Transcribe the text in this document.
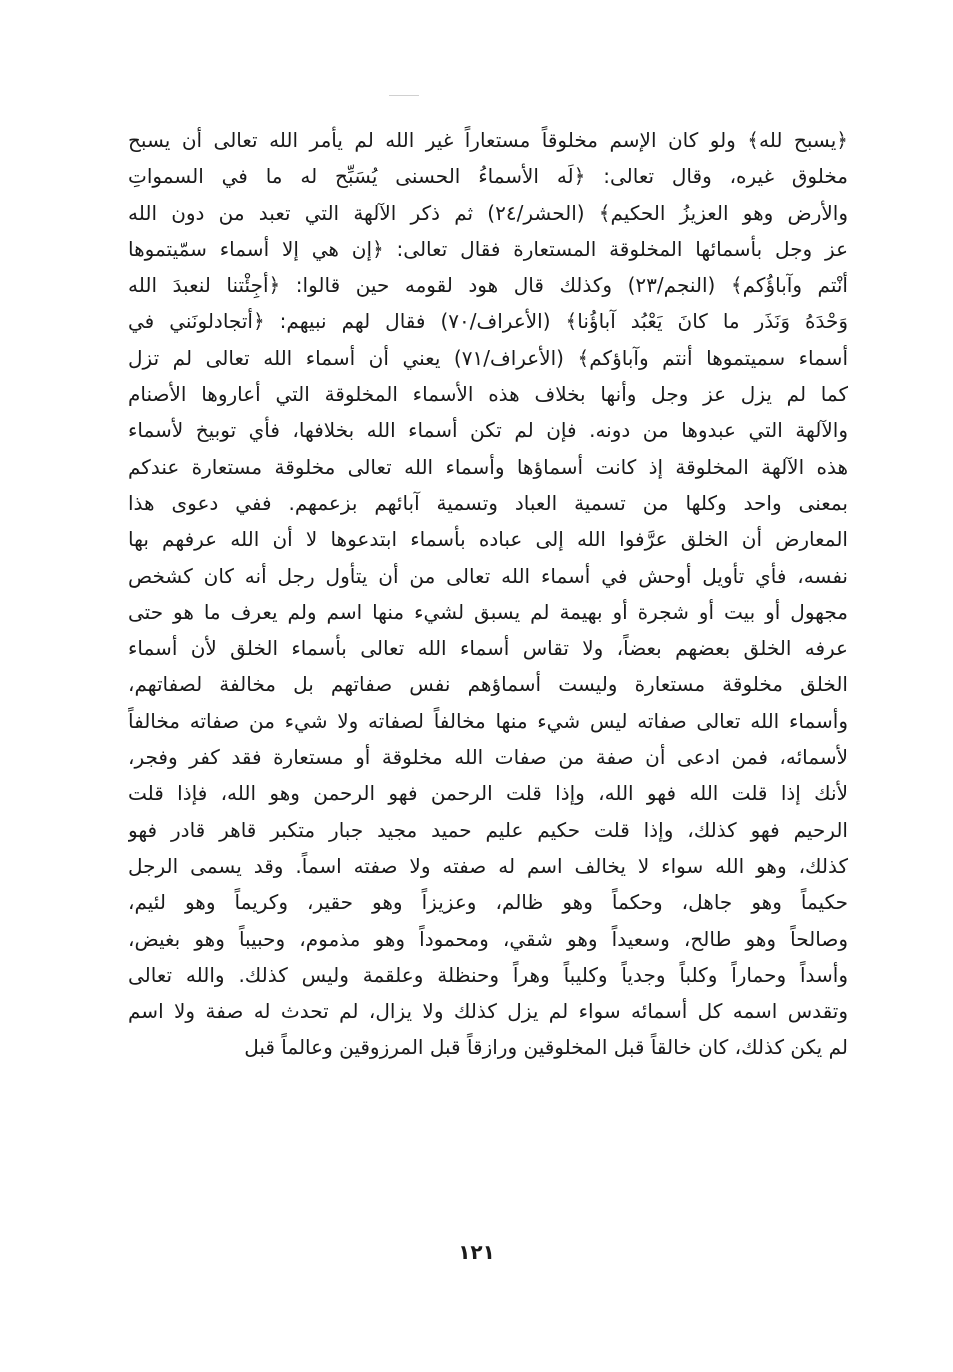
﴿يسبح لله﴾ ولو كان الإسم مخلوقاً مستعاراً غير الله لم يأمر الله تعالى أن يسبح
مخلوق غيره، وقال تعالى: ﴿لَه الأسماءُ الحسنى يُسَبِّح له ما في السمواتِ
والأرض وهو العزيزُ الحكيم﴾ (الحشر/٢٤) ثم ذكر الآلهة التي تعبد من دون الله
عز وجل بأسمائها المخلوقة المستعارة فقال تعالى: ﴿إن هي إلا أسماء سمّيتموها
أنْتم وآباؤُكم﴾ (النجم/٢٣) وكذلك قال هود لقومه حين قالوا: ﴿أجِئْتنا لنعبدَ الله
وَحْدَهُ وَنَذَر ما كانَ يَعْبُد آباؤُنا﴾ (الأعراف/٧٠) فقال لهم نبيهم: ﴿أتجادلونَني في
أسماء سميتموها أنتم وآباؤكم﴾ (الأعراف/٧١) يعني أن أسماء الله تعالى لم تزل
كما لم يزل عز وجل وأنها بخلاف هذه الأسماء المخلوقة التي أعاروها الأصنام
والآلهة التي عبدوها من دونه. فإن لم تكن أسماء الله بخلافها، فأي توبيخ لأسماء
هذه الآلهة المخلوقة إذ كانت أسماؤها وأسماء الله تعالى مخلوقة مستعارة عندكم
بمعنى واحد وكلها من تسمية العباد وتسمية آبائهم بزعمهم. ففي دعوى هذا
المعارض أن الخلق عرَّفوا الله إلى عباده بأسماء ابتدعوها لا أن الله عرفهم بها
نفسه، فأي تأويل أوحش في أسماء الله تعالى من أن يتأول رجل أنه كان كشخص
مجهول أو بيت أو شجرة أو بهيمة لم يسبق لشيء منها اسم ولم يعرف ما هو حتى
عرفه الخلق بعضهم بعضاً، ولا تقاس أسماء الله تعالى بأسماء الخلق لأن أسماء
الخلق مخلوقة مستعارة وليست أسماؤهم نفس صفاتهم بل مخالفة لصفاتهم،
وأسماء الله تعالى صفاته ليس شيء منها مخالفاً لصفاته ولا شيء من صفاته مخالفاً
لأسمائه، فمن ادعى أن صفة من صفات الله مخلوقة أو مستعارة فقد كفر وفجر،
لأنك إذا قلت الله فهو الله، وإذا قلت الرحمن فهو الرحمن وهو الله، فإذا قلت
الرحيم فهو كذلك، وإذا قلت حكيم عليم حميد مجيد جبار متكبر قاهر قادر فهو
كذلك، وهو الله سواء لا يخالف اسم له صفته ولا صفته اسماً. وقد يسمى الرجل
حكيماً وهو جاهل، وحكماً وهو ظالم، وعزيزاً وهو حقير، وكريماً وهو لئيم،
وصالحاً وهو طالح، وسعيداً وهو شقي، ومحموداً وهو مذموم، وحبيباً وهو بغيض،
وأسداً وحماراً وكلباً وجدياً وكليباً وهراً وحنظلة وعلقمة وليس كذلك. والله تعالى
وتقدس اسمه كل أسمائه سواء لم يزل كذلك ولا يزال، لم تحدث له صفة ولا اسم
لم يكن كذلك، كان خالقاً قبل المخلوقين ورازقاً قبل المرزوقين وعالماً قبل
١٢١
